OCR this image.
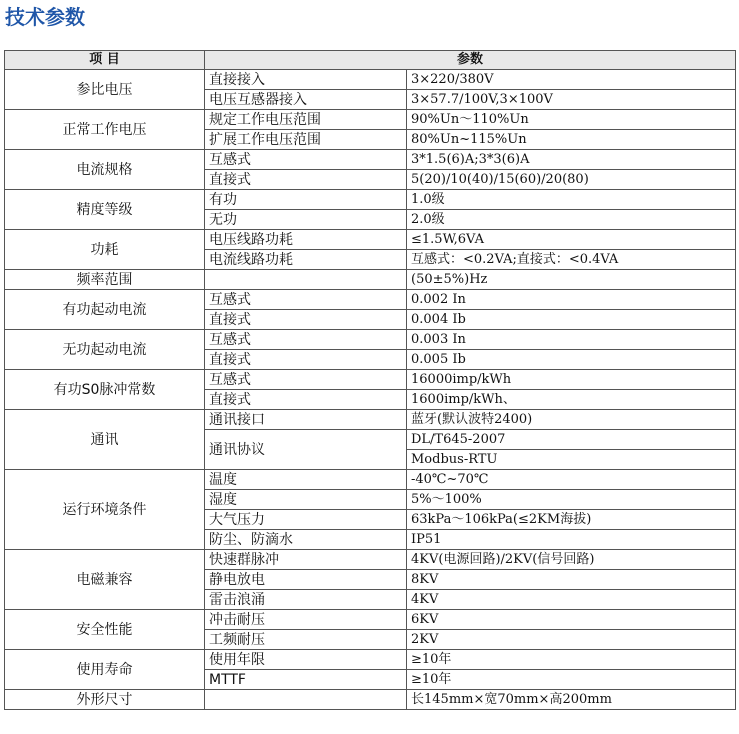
技术参数
项 目	参数	
参比电压	直接接入	3×220/380V
	电压互感器接入	3×57.7/100V,3×100V
正常工作电压	规定工作电压范围	90%Un～110%Un
	扩展工作电压范围	80%Un~115%Un
电流规格	互感式	3*1.5(6)A;3*3(6)A
	直接式	5(20)/10(40)/15(60)/20(80)
精度等级	有功	1.0级
	无功	2.0级
功耗	电压线路功耗	≤1.5W,6VA
	电流线路功耗	互感式：<0.2VA;直接式：<0.4VA
频率范围		(50±5%)Hz
有功起动电流	互感式	0.002 In
	直接式	0.004 Ib
无功起动电流	互感式	0.003 In
	直接式	0.005 Ib
有功S0脉冲常数	互感式	16000imp/kWh
	直接式	1600imp/kWh、
通讯	通讯接口	蓝牙(默认波特2400)
	通讯协议	DL/T645-2007
		Modbus-RTU
运行环境条件	温度	-40℃~70℃
	湿度	5%～100%
	大气压力	63kPa～106kPa(≤2KM海拔)
	防尘、防滴水	IP51
电磁兼容	快速群脉冲	4KV(电源回路)/2KV(信号回路)
	静电放电	8KV
	雷击浪涌	4KV
安全性能	冲击耐压	6KV
	工频耐压	2KV
使用寿命	使用年限	≥10年
	MTTF	≥10年
外形尺寸		长145mm×宽70mm×高200mm
